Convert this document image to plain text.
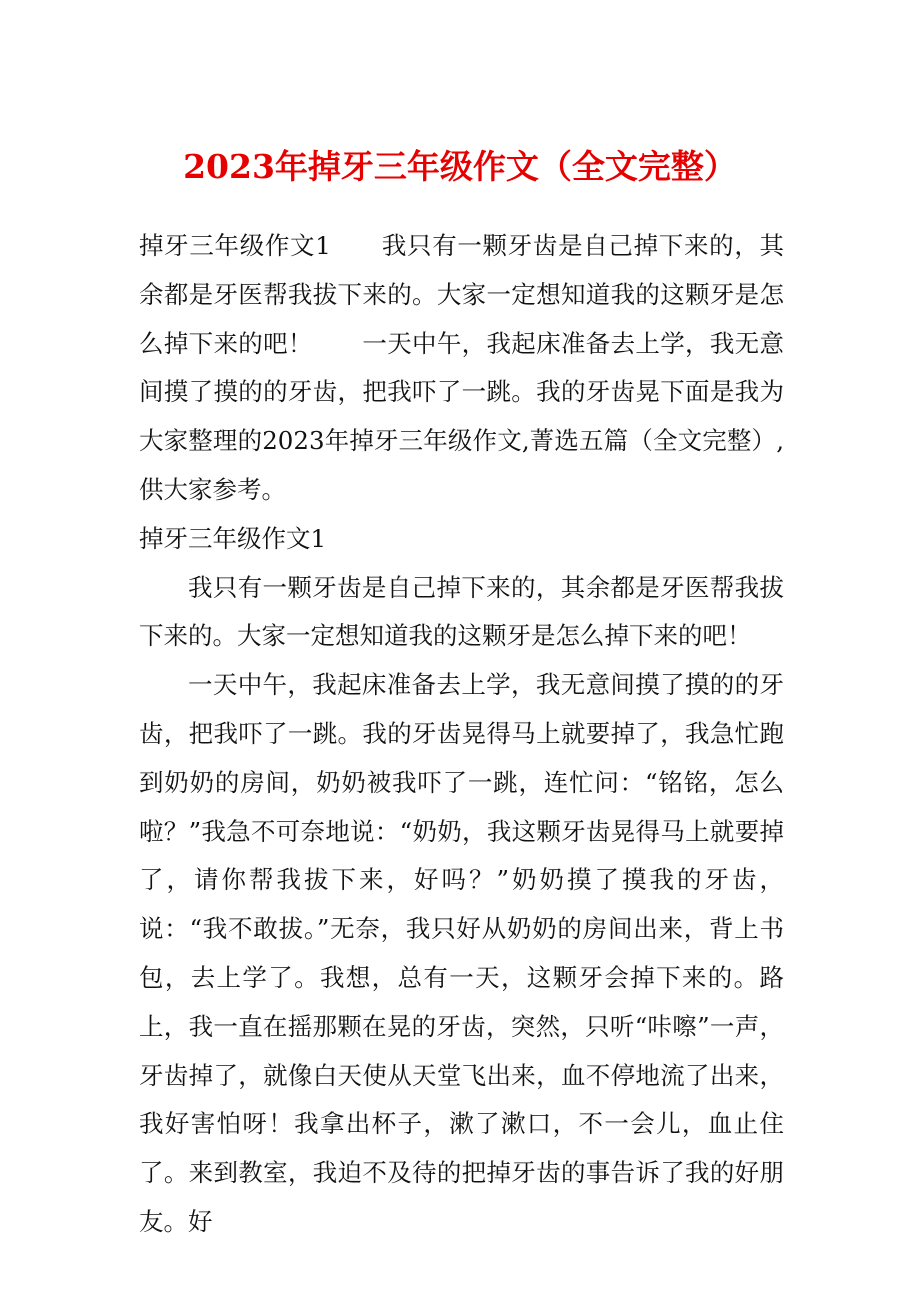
2023年掉牙三年级作文（全文完整）

掉牙三年级作文1　　我只有一颗牙齿是自己掉下来的，其余都是牙医帮我拔下来的。大家一定想知道我的这颗牙是怎么掉下来的吧！　　一天中午，我起床准备去上学，我无意间摸了摸的的牙齿，把我吓了一跳。我的牙齿晃下面是我为大家整理的2023年掉牙三年级作文,菁选五篇（全文完整）,供大家参考。

掉牙三年级作文1

我只有一颗牙齿是自己掉下来的，其余都是牙医帮我拔下来的。大家一定想知道我的这颗牙是怎么掉下来的吧！

一天中午，我起床准备去上学，我无意间摸了摸的的牙齿，把我吓了一跳。我的牙齿晃得马上就要掉了，我急忙跑到奶奶的房间，奶奶被我吓了一跳，连忙问：“铭铭，怎么啦？”我急不可奈地说：“奶奶，我这颗牙齿晃得马上就要掉了，请你帮我拔下来，好吗？”奶奶摸了摸我的牙齿，说：“我不敢拔。”无奈，我只好从奶奶的房间出来，背上书包，去上学了。我想，总有一天，这颗牙会掉下来的。路上，我一直在摇那颗在晃的牙齿，突然，只听“咔嚓”一声，牙齿掉了，就像白天使从天堂飞出来，血不停地流了出来，我好害怕呀！我拿出杯子，漱了漱口，不一会儿，血止住了。来到教室，我迫不及待的把掉牙齿的事告诉了我的好朋友。好
